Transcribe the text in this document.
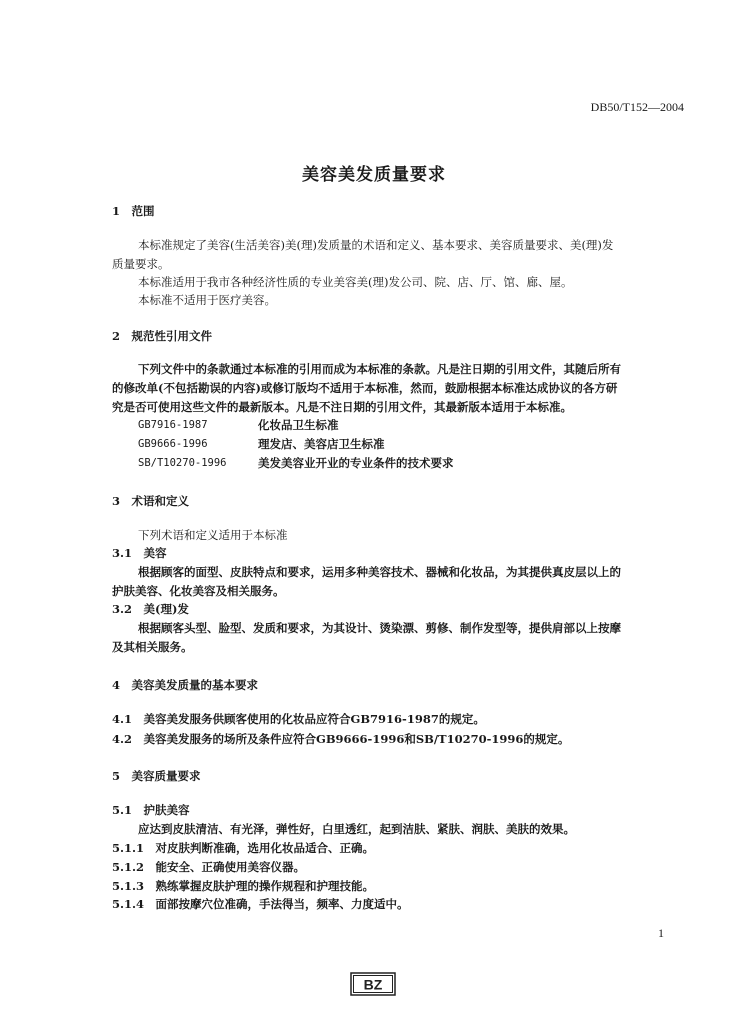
DB50/T152—2004
美容美发质量要求
1　范围
本标准规定了美容(生活美容)美(理)发质量的术语和定义、基本要求、美容质量要求、美(理)发
质量要求。
本标准适用于我市各种经济性质的专业美容美(理)发公司、院、店、厅、馆、廊、屋。
本标准不适用于医疗美容。
2　规范性引用文件
下列文件中的条款通过本标准的引用而成为本标准的条款。凡是注日期的引用文件，其随后所有
的修改单(不包括勘误的内容)或修订版均不适用于本标准，然而，鼓励根据本标准达成协议的各方研
究是否可使用这些文件的最新版本。凡是不注日期的引用文件，其最新版本适用于本标准。
GB7916-1987	化妆品卫生标准
GB9666-1996	理发店、美容店卫生标准
SB/T10270-1996	美发美容业开业的专业条件的技术要求
3　术语和定义
下列术语和定义适用于本标准
3.1　美容
根据顾客的面型、皮肤特点和要求，运用多种美容技术、器械和化妆品，为其提供真皮层以上的
护肤美容、化妆美容及相关服务。
3.2　美(理)发
根据顾客头型、脸型、发质和要求，为其设计、烫染漂、剪修、制作发型等，提供肩部以上按摩
及其相关服务。
4　美容美发质量的基本要求
4.1　美容美发服务供顾客使用的化妆品应符合GB7916-1987的规定。
4.2　美容美发服务的场所及条件应符合GB9666-1996和SB/T10270-1996的规定。
5　美容质量要求
5.1　护肤美容
应达到皮肤清洁、有光泽，弹性好，白里透红，起到洁肤、紧肤、润肤、美肤的效果。
5.1.1　对皮肤判断准确，选用化妆品适合、正确。
5.1.2　能安全、正确使用美容仪器。
5.1.3　熟练掌握皮肤护理的操作规程和护理技能。
5.1.4　面部按摩穴位准确，手法得当，频率、力度适中。
1
BZ
